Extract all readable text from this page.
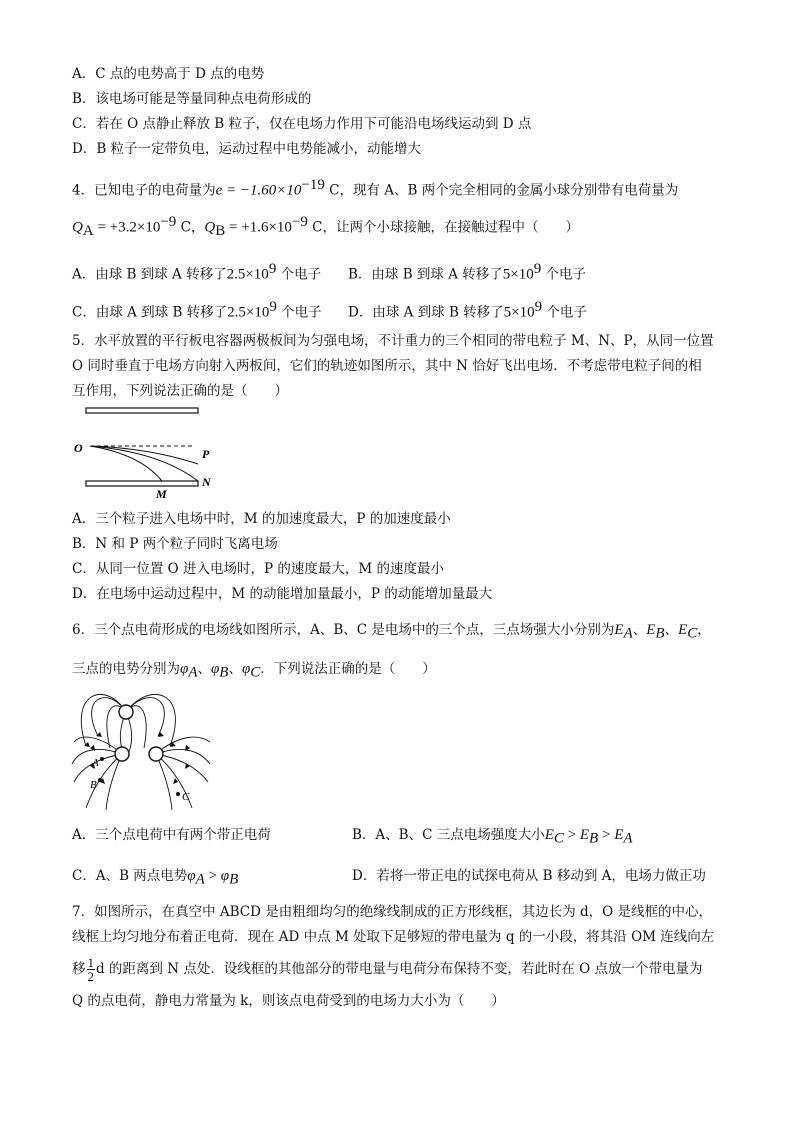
A．C 点的电势高于 D 点的电势
B．该电场可能是等量同种点电荷形成的
C．若在 O 点静止释放 B 粒子，仅在电场力作用下可能沿电场线运动到 D 点
D．B 粒子一定带负电，运动过程中电势能减小，动能增大
4．已知电子的电荷量为$e = -1.60\times 10^{-19}$ C，现有 A、B 两个完全相同的金属小球分别带有电荷量为
$Q_A = +3.2\times 10^{-9}$ C，$Q_B = +1.6\times 10^{-9}$ C，让两个小球接触，在接触过程中（　　）
A．由球 B 到球 A 转移了$2.5\times 10^9$ 个电子 B．由球 B 到球 A 转移了$5\times 10^9$ 个电子
C．由球 A 到球 B 转移了$2.5\times 10^9$ 个电子 D．由球 A 到球 B 转移了$5\times 10^9$ 个电子
5．水平放置的平行板电容器两极板间为匀强电场，不计重力的三个相同的带电粒子 M、N、P，从同一位置
O 同时垂直于电场方向射入两板间，它们的轨迹如图所示，其中 N 恰好飞出电场．不考虑带电粒子间的相
互作用，下列说法正确的是（　　）
O	P
M
N
A．三个粒子进入电场中时，M 的加速度最大，P 的加速度最小
B．N 和 P 两个粒子同时飞离电场
C．从同一位置 O 进入电场时，P 的速度最大，M 的速度最小
D．在电场中运动过程中，M 的动能增加量最小，P 的动能增加量最大
6．三个点电荷形成的电场线如图所示，A、B、C 是电场中的三个点，三点场强大小分别为$E_A$、$E_B$、$E_C$，
三点的电势分别为$\varphi_A$、$\varphi_B$、$\varphi_C$．下列说法正确的是（　　）
A
B
C
A．三个点电荷中有两个带正电荷	B．A、B、C 三点电场强度大小$E_C > E_B > E_A$
C．A、B 两点电势$\varphi_A > \varphi_B$	D．若将一带正电的试探电荷从 B 移动到 A，电场力做正功
7．如图所示，在真空中 ABCD 是由粗细均匀的绝缘线制成的正方形线框，其边长为 d，O 是线框的中心，
线框上均匀地分布着正电荷．现在 AD 中点 M 处取下足够短的带电量为 q 的一小段，将其沿 OM 连线向左
移 $\frac{1}{2}$ d 的距离到 N 点处．设线框的其他部分的带电量与电荷分布保持不变，若此时在 O 点放一个带电量为
Q 的点电荷，静电力常量为 k，则该点电荷受到的电场力大小为（　　）
